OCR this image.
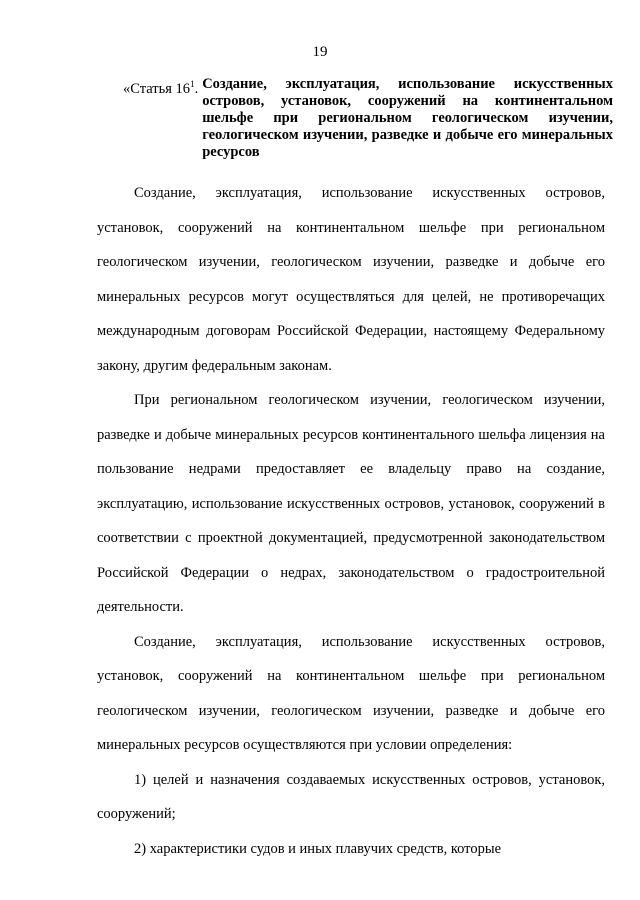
19
«Статья $16^1$. Создание, эксплуатация, использование искусственных островов, установок, сооружений на континентальном шельфе при региональном геологическом изучении, геологическом изучении, разведке и добыче его минеральных ресурсов

Создание, эксплуатация, использование искусственных островов, установок, сооружений на континентальном шельфе при региональном геологическом изучении, геологическом изучении, разведке и добыче его минеральных ресурсов могут осуществляться для целей, не противоречащих международным договорам Российской Федерации, настоящему Федеральному закону, другим федеральным законам.

При региональном геологическом изучении, геологическом изучении, разведке и добыче минеральных ресурсов континентального шельфа лицензия на пользование недрами предоставляет ее владельцу право на создание, эксплуатацию, использование искусственных островов, установок, сооружений в соответствии с проектной документацией, предусмотренной законодательством Российской Федерации о недрах, законодательством о градостроительной деятельности.

Создание, эксплуатация, использование искусственных островов, установок, сооружений на континентальном шельфе при региональном геологическом изучении, геологическом изучении, разведке и добыче его минеральных ресурсов осуществляются при условии определения:

1) целей и назначения создаваемых искусственных островов, установок, сооружений;

2) характеристики судов и иных плавучих средств, которые
